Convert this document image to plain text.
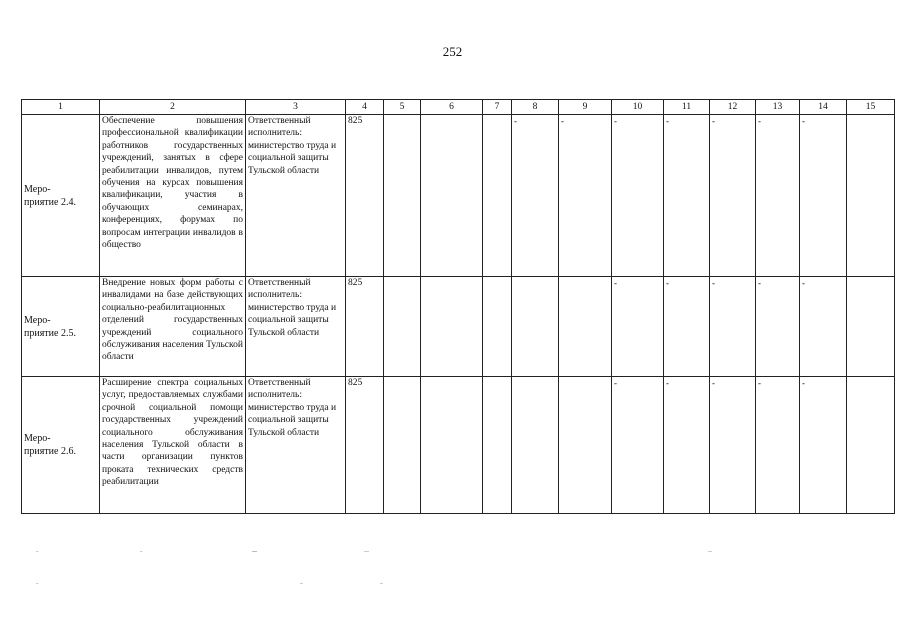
252
1	2	3	4	5	6	7	8	9	10	11	12	13	14	15
Меро-
приятие 2.4.	Обеспечение повышения профессиональной квалификации работников государственных учреждений, занятых в сфере реабилитации инвалидов, путем обучения на курсах повышения квалификации, участия в обучающих семинарах, конференциях, форумах по вопросам интеграции инвалидов в общество	Ответственный исполнитель: министерство труда и социальной защиты Тульской области	825				-	-	-	-	-	-	-	
Меро-
приятие 2.5.	Внедрение новых форм работы с инвалидами на базе действующих социально-реабилитационных отделений государственных учреждений социального обслуживания населения Тульской области	Ответственный исполнитель: министерство труда и социальной защиты Тульской области	825						-	-	-	-	-	
Меро-
приятие 2.6.	Расширение спектра социальных услуг, предоставляемых службами срочной социальной помощи государственных учреждений социального обслуживания населения Тульской области в части организации пунктов проката технических средств реабилитации	Ответственный исполнитель: министерство труда и социальной защиты Тульской области	825						-	-	-	-	-	
